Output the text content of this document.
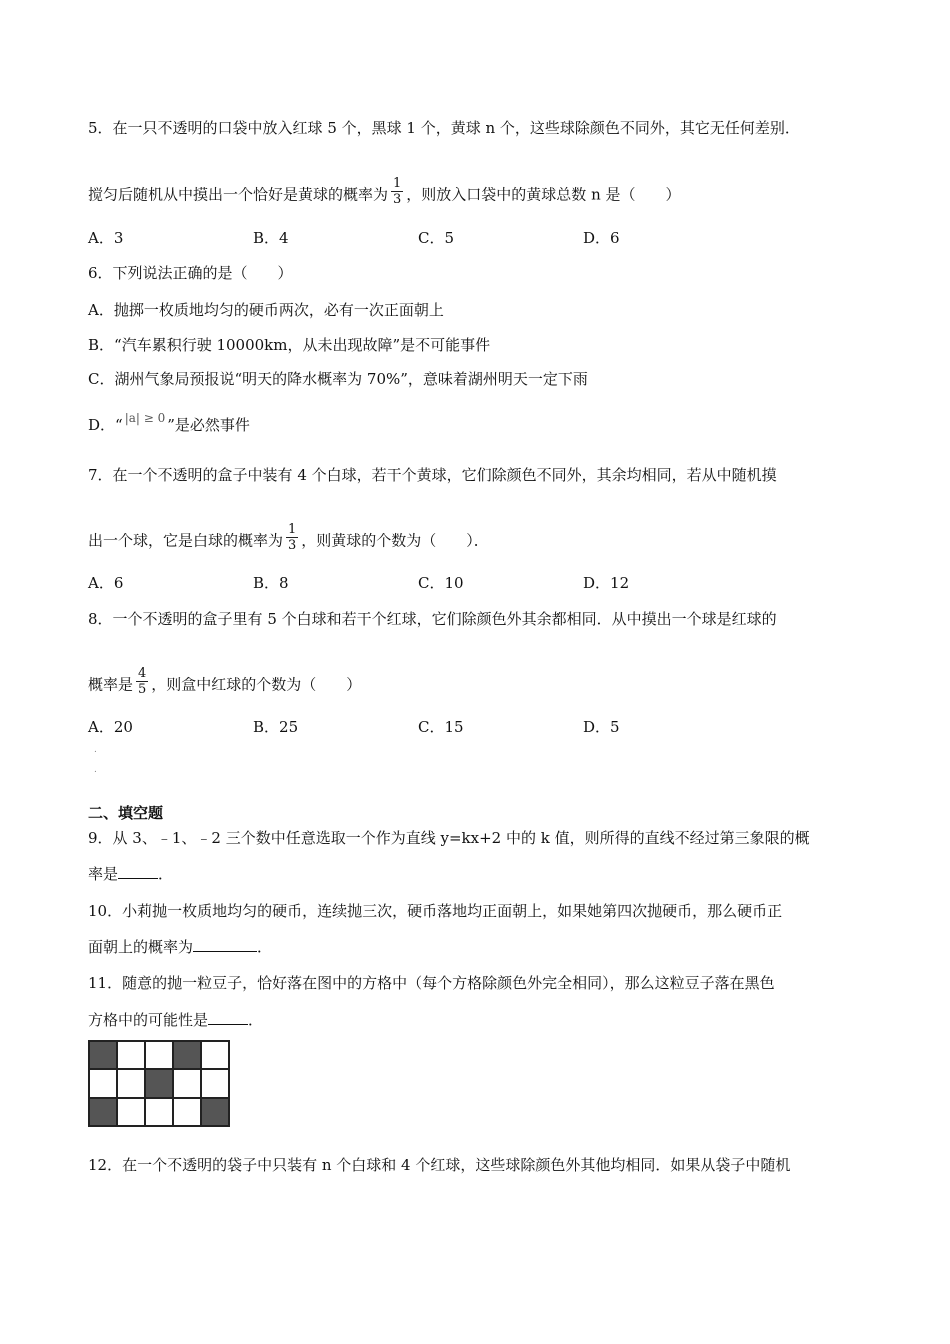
5．在一只不透明的口袋中放入红球 5 个，黑球 1 个，黄球 n 个，这些球除颜色不同外，其它无任何差别．
搅匀后随机从中摸出一个恰好是黄球的概率为 $\frac{1}{3}$ ，则放入口袋中的黄球总数 n 是（　　）
A．3	B．4	C．5	D．6
6．下列说法正确的是（　　）
A．抛掷一枚质地均匀的硬币两次，必有一次正面朝上
B．“汽车累积行驶 10000km，从未出现故障”是不可能事件
C．湖州气象局预报说“明天的降水概率为 70%”，意味着湖州明天一定下雨
D．“ |a| ≥ 0 ”是必然事件
7．在一个不透明的盒子中装有 4 个白球，若干个黄球，它们除颜色不同外，其余均相同，若从中随机摸
出一个球，它是白球的概率为 $\frac{1}{3}$ ，则黄球的个数为（　　）．
A．6	B．8	C．10	D．12
8．一个不透明的盒子里有 5 个白球和若干个红球，它们除颜色外其余都相同．从中摸出一个球是红球的
概率是 $\frac{4}{5}$ ，则盒中红球的个数为（　　）
A．20	B．25	C．15	D．5
.
.
二、填空题
9．从 3、﹣1、﹣2 三个数中任意选取一个作为直线 y=kx+2 中的 k 值，则所得的直线不经过第三象限的概
率是	．
10．小莉抛一枚质地均匀的硬币，连续抛三次，硬币落地均正面朝上，如果她第四次抛硬币，那么硬币正
面朝上的概率为	．
11．随意的抛一粒豆子，恰好落在图中的方格中（每个方格除颜色外完全相同），那么这粒豆子落在黑色
方格中的可能性是	．
12．在一个不透明的袋子中只装有 n 个白球和 4 个红球，这些球除颜色外其他均相同．如果从袋子中随机
